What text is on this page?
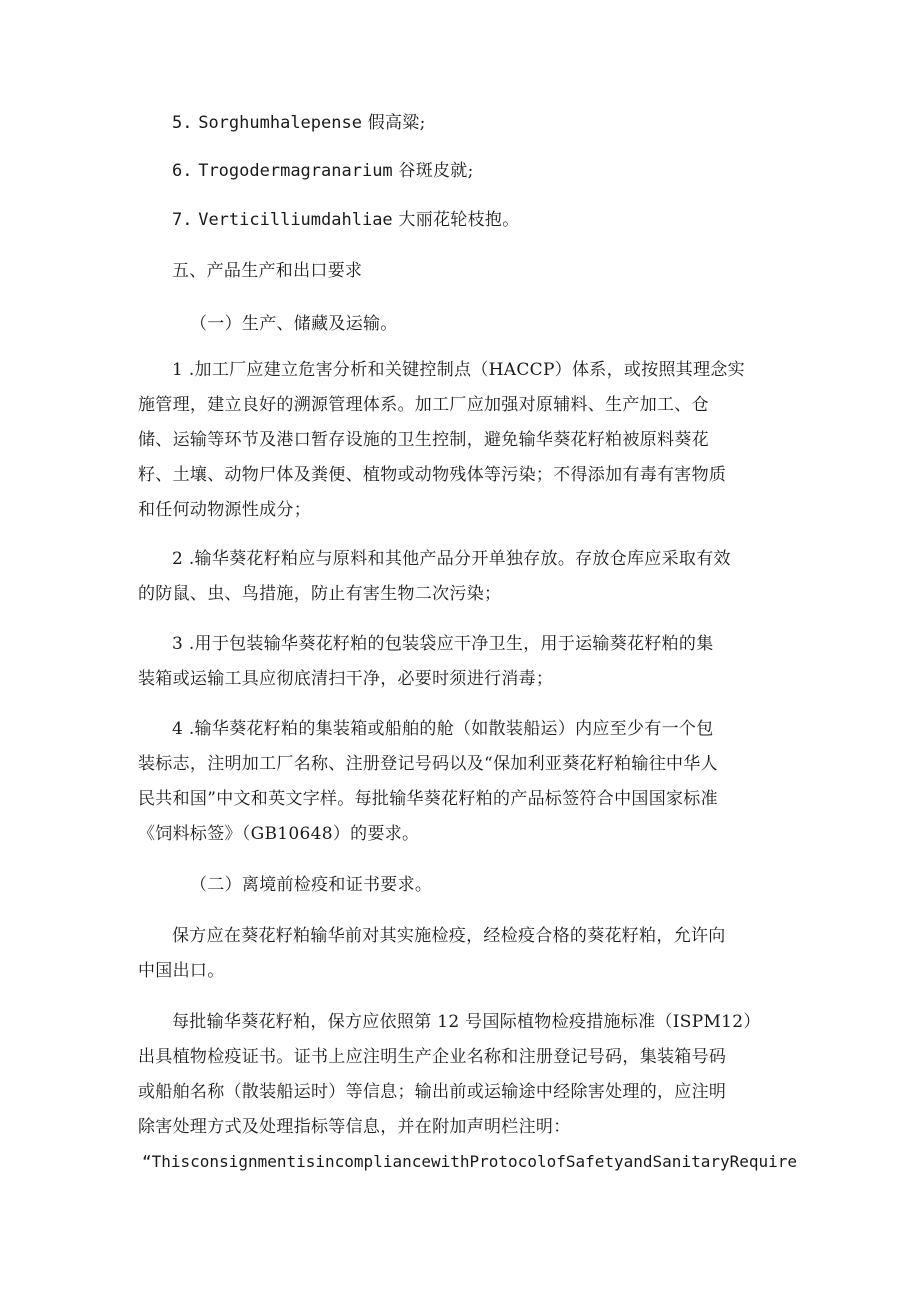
5. Sorghumhalepense 假高粱;
6. Trogodermagranarium 谷斑皮就;
7. Verticilliumdahliae 大丽花轮枝抱。
五、产品生产和出口要求
（一）生产、储藏及运输。
1 .加工厂应建立危害分析和关键控制点（HACCP）体系，或按照其理念实
施管理，建立良好的溯源管理体系。加工厂应加强对原辅料、生产加工、仓
储、运输等环节及港口暂存设施的卫生控制，避免输华葵花籽粕被原料葵花
籽、土壤、动物尸体及粪便、植物或动物残体等污染；不得添加有毒有害物质
和任何动物源性成分；
2 .输华葵花籽粕应与原料和其他产品分开单独存放。存放仓库应采取有效
的防鼠、虫、鸟措施，防止有害生物二次污染；
3 .用于包装输华葵花籽粕的包装袋应干净卫生，用于运输葵花籽粕的集
装箱或运输工具应彻底清扫干净，必要时须进行消毒；
4 .输华葵花籽粕的集装箱或船舶的舱（如散装船运）内应至少有一个包
装标志，注明加工厂名称、注册登记号码以及“保加利亚葵花籽粕输往中华人
民共和国”中文和英文字样。每批输华葵花籽粕的产品标签符合中国国家标准
《饲料标签》（GB10648）的要求。
（二）离境前检疫和证书要求。
保方应在葵花籽粕输华前对其实施检疫，经检疫合格的葵花籽粕，允许向
中国出口。
每批输华葵花籽粕，保方应依照第 12 号国际植物检疫措施标准（ISPM12）
出具植物检疫证书。证书上应注明生产企业名称和注册登记号码，集装箱号码
或船舶名称（散装船运时）等信息；输出前或运输途中经除害处理的，应注明
除害处理方式及处理指标等信息，并在附加声明栏注明：
“ThisconsignmentisincompliancewithProtocolofSafetyandSanitaryRequire
